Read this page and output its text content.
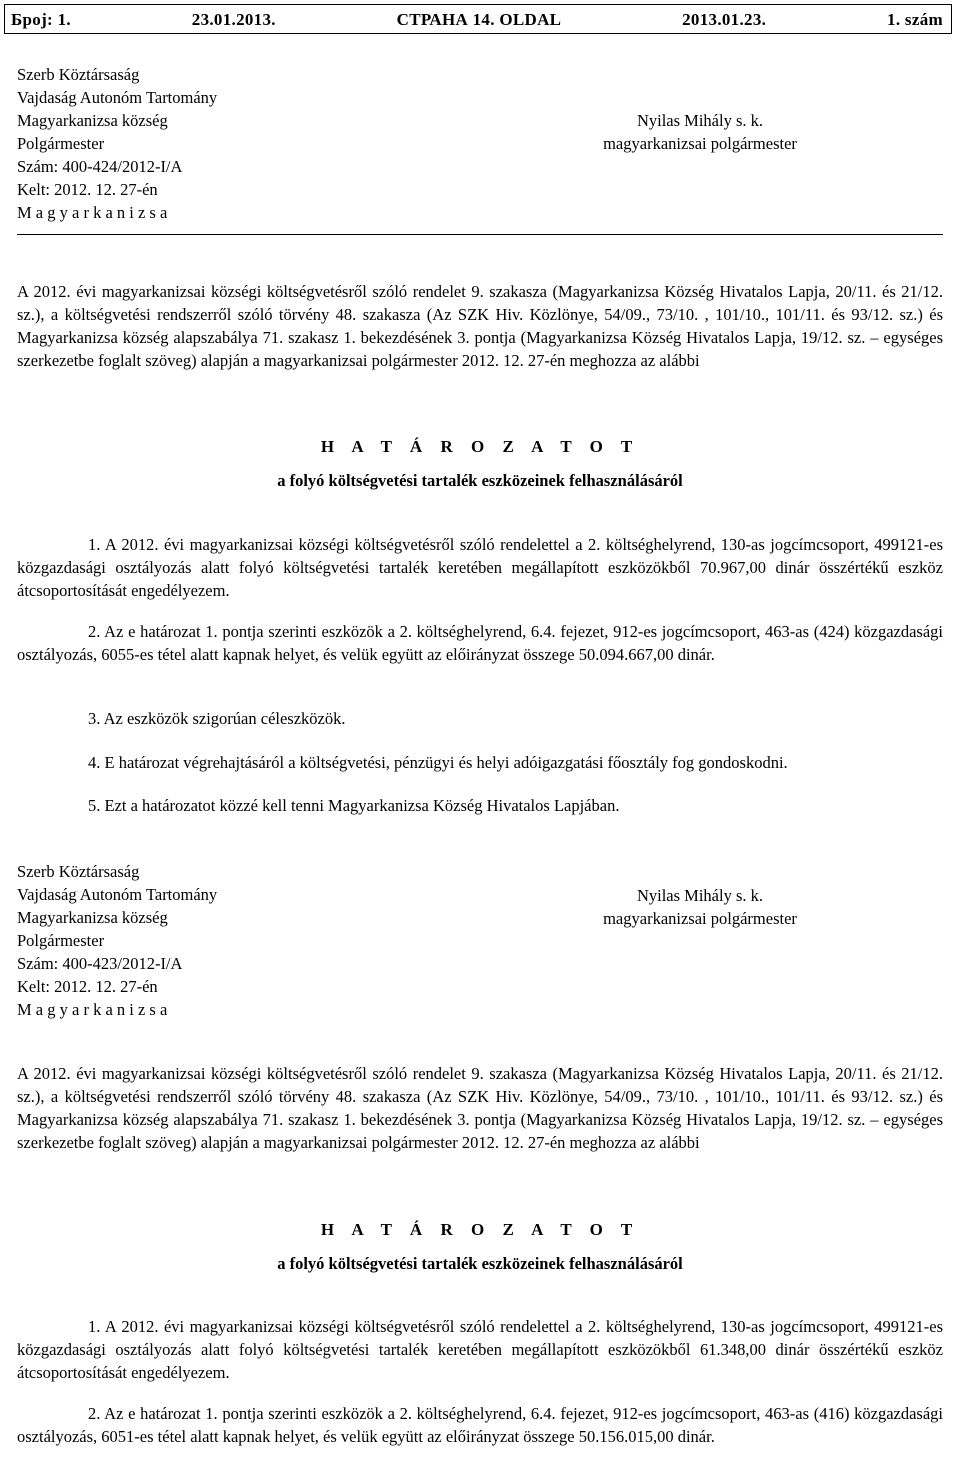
Број: 1.	23.01.2013.	СТРАНА 14. OLDAL	2013.01.23.	1. szám
Szerb Köztársaság
Vajdaság Autonóm Tartomány
Magyarkanizsa község
Polgármester
Szám: 400-424/2012-I/A
Kelt: 2012. 12. 27-én
M a g y a r k a n i z s a
Nyilas Mihály s. k.
magyarkanizsai polgármester
A 2012. évi magyarkanizsai községi költségvetésről szóló rendelet 9. szakasza (Magyarkanizsa Község Hivatalos Lapja, 20/11. és 21/12. sz.), a költségvetési rendszerről szóló törvény 48. szakasza (Az SZK Hiv. Közlönye, 54/09., 73/10. , 101/10., 101/11. és 93/12. sz.) és Magyarkanizsa község alapszabálya 71. szakasz 1. bekezdésének 3. pontja (Magyarkanizsa Község Hivatalos Lapja, 19/12. sz. – egységes szerkezetbe foglalt szöveg) alapján a magyarkanizsai polgármester 2012. 12. 27-én meghozza az alábbi
H A T Á R O Z A T O T
a folyó költségvetési tartalék eszközeinek felhasználásáról
1. A 2012. évi magyarkanizsai községi költségvetésről szóló rendelettel a 2. költséghelyrend, 130-as jogcímcsoport, 499121-es közgazdasági osztályozás alatt folyó költségvetési tartalék keretében megállapított eszközökből 70.967,00 dinár összértékű eszköz átcsoportosítását engedélyezem.
2. Az e határozat 1. pontja szerinti eszközök a 2. költséghelyrend, 6.4. fejezet, 912-es jogcímcsoport, 463-as (424) közgazdasági osztályozás, 6055-es tétel alatt kapnak helyet, és velük együtt az előirányzat összege 50.094.667,00 dinár.
3. Az eszközök szigorúan céleszközök.
4. E határozat végrehajtásáról a költségvetési, pénzügyi és helyi adóigazgatási főosztály fog gondoskodni.
5. Ezt a határozatot közzé kell tenni Magyarkanizsa Község Hivatalos Lapjában.
Szerb Köztársaság
Vajdaság Autonóm Tartomány
Magyarkanizsa község
Polgármester
Szám: 400-423/2012-I/A
Kelt: 2012. 12. 27-én
M a g y a r k a n i z s a
Nyilas Mihály s. k.
magyarkanizsai polgármester
A 2012. évi magyarkanizsai községi költségvetésről szóló rendelet 9. szakasza (Magyarkanizsa Község Hivatalos Lapja, 20/11. és 21/12. sz.), a költségvetési rendszerről szóló törvény 48. szakasza (Az SZK Hiv. Közlönye, 54/09., 73/10. , 101/10., 101/11. és 93/12. sz.) és Magyarkanizsa község alapszabálya 71. szakasz 1. bekezdésének 3. pontja (Magyarkanizsa Község Hivatalos Lapja, 19/12. sz. – egységes szerkezetbe foglalt szöveg) alapján a magyarkanizsai polgármester 2012. 12. 27-én meghozza az alábbi
H A T Á R O Z A T O T
a folyó költségvetési tartalék eszközeinek felhasználásáról
1. A 2012. évi magyarkanizsai községi költségvetésről szóló rendelettel a 2. költséghelyrend, 130-as jogcímcsoport, 499121-es közgazdasági osztályozás alatt folyó költségvetési tartalék keretében megállapított eszközökből 61.348,00 dinár összértékű eszköz átcsoportosítását engedélyezem.
2. Az e határozat 1. pontja szerinti eszközök a 2. költséghelyrend, 6.4. fejezet, 912-es jogcímcsoport, 463-as (416) közgazdasági osztályozás, 6051-es tétel alatt kapnak helyet, és velük együtt az előirányzat összege 50.156.015,00 dinár.
